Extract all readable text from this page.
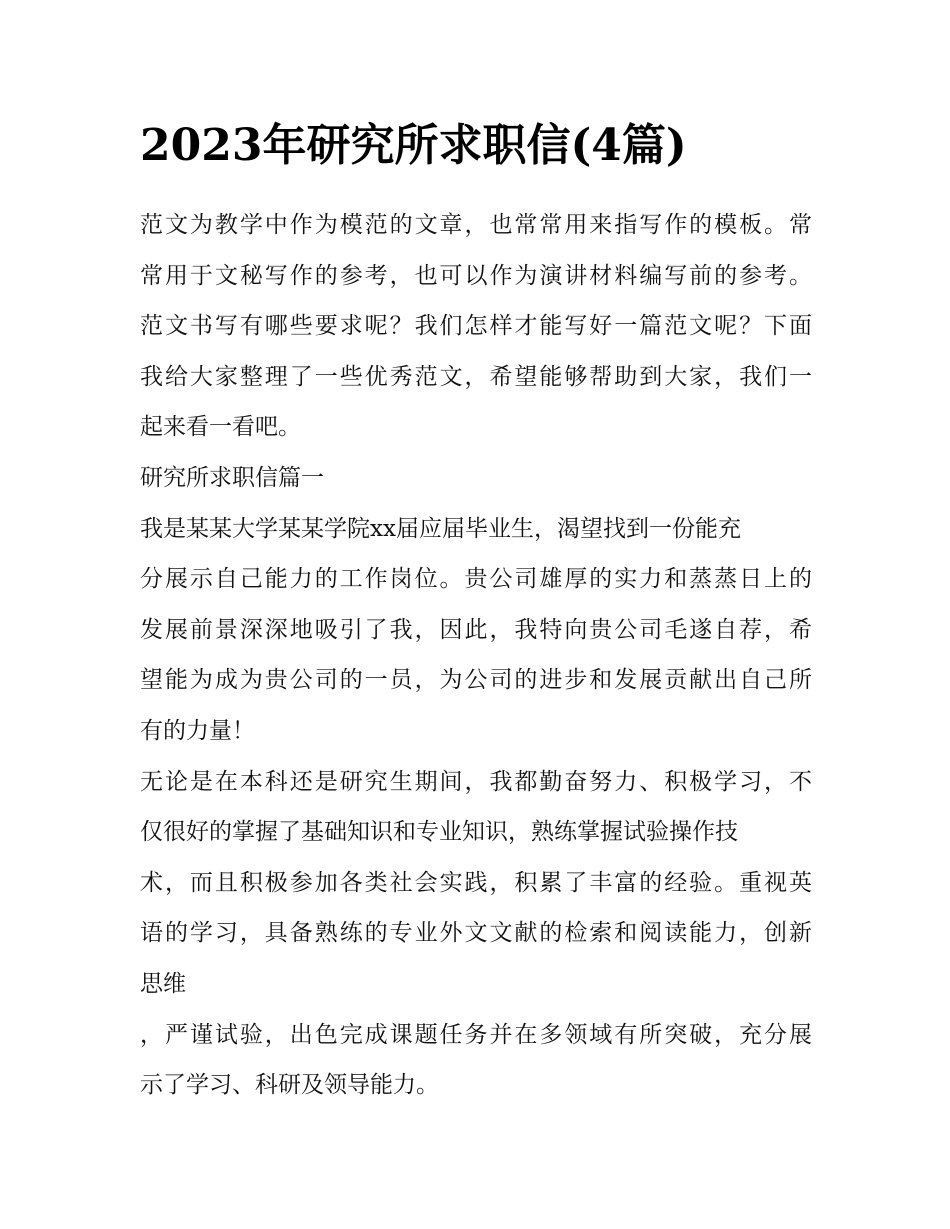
2023年研究所求职信(4篇)
范文为教学中作为模范的文章，也常常用来指写作的模板。常
常用于文秘写作的参考，也可以作为演讲材料编写前的参考。
范文书写有哪些要求呢？我们怎样才能写好一篇范文呢？下面
我给大家整理了一些优秀范文，希望能够帮助到大家，我们一
起来看一看吧。
研究所求职信篇一
我是某某大学某某学院xx届应届毕业生，渴望找到一份能充
分展示自己能力的工作岗位。贵公司雄厚的实力和蒸蒸日上的
发展前景深深地吸引了我，因此，我特向贵公司毛遂自荐，希
望能为成为贵公司的一员，为公司的进步和发展贡献出自己所
有的力量！
无论是在本科还是研究生期间，我都勤奋努力、积极学习，不
仅很好的掌握了基础知识和专业知识，熟练掌握试验操作技
术，而且积极参加各类社会实践，积累了丰富的经验。重视英
语的学习，具备熟练的专业外文文献的检索和阅读能力，创新
思维
，严谨试验，出色完成课题任务并在多领域有所突破，充分展
示了学习、科研及领导能力。
